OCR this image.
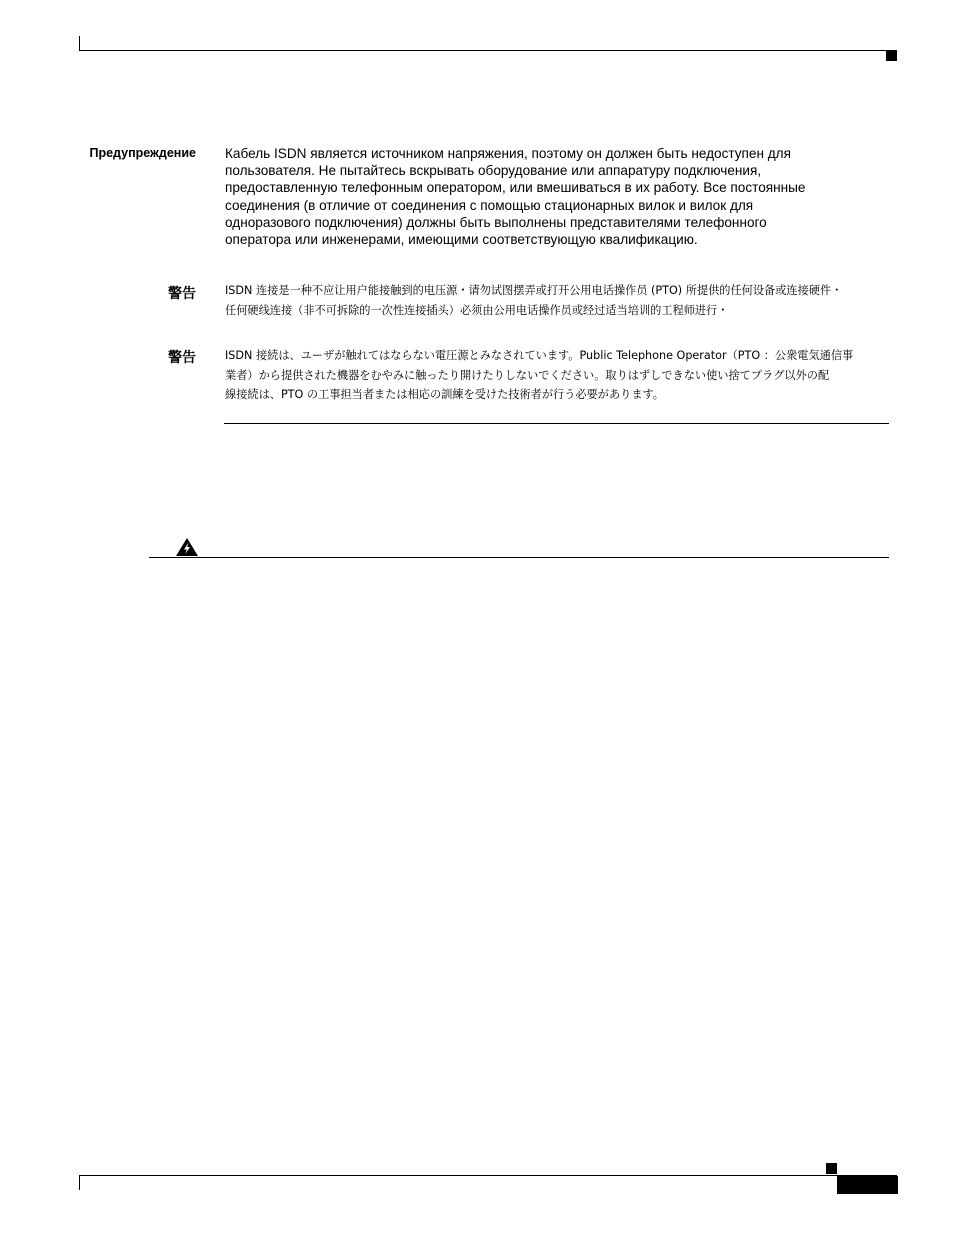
Предупреждение Кабель ISDN является источником напряжения, поэтому он должен быть недоступен для
пользователя. Не пытайтесь вскрывать оборудование или аппаратуру подключения,
предоставленную телефонным оператором, или вмешиваться в их работу. Все постоянные
соединения (в отличие от соединения с помощью стационарных вилок и вилок для
одноразового подключения) должны быть выполнены представителями телефонного
оператора или инженерами, имеющими соответствующую квалификацию.
警告	ISDN 连接是一种不应让用户能接触到的电压源・请勿试图摆弄或打开公用电话操作员 (PTO) 所提供的任何设备或连接硬件・
任何硬线连接（非不可拆除的一次性连接插头）必须由公用电话操作员或经过适当培训的工程师进行・
警告	ISDN 接続は、ユーザが触れてはならない電圧源とみなされています。Public Telephone Operator（PTO ：公衆電気通信事
業者）から提供された機器をむやみに触ったり開けたりしないでください。取りはずしできない使い捨てプラグ以外の配
線接続は、PTO の工事担当者または相応の訓練を受けた技術者が行う必要があります。
